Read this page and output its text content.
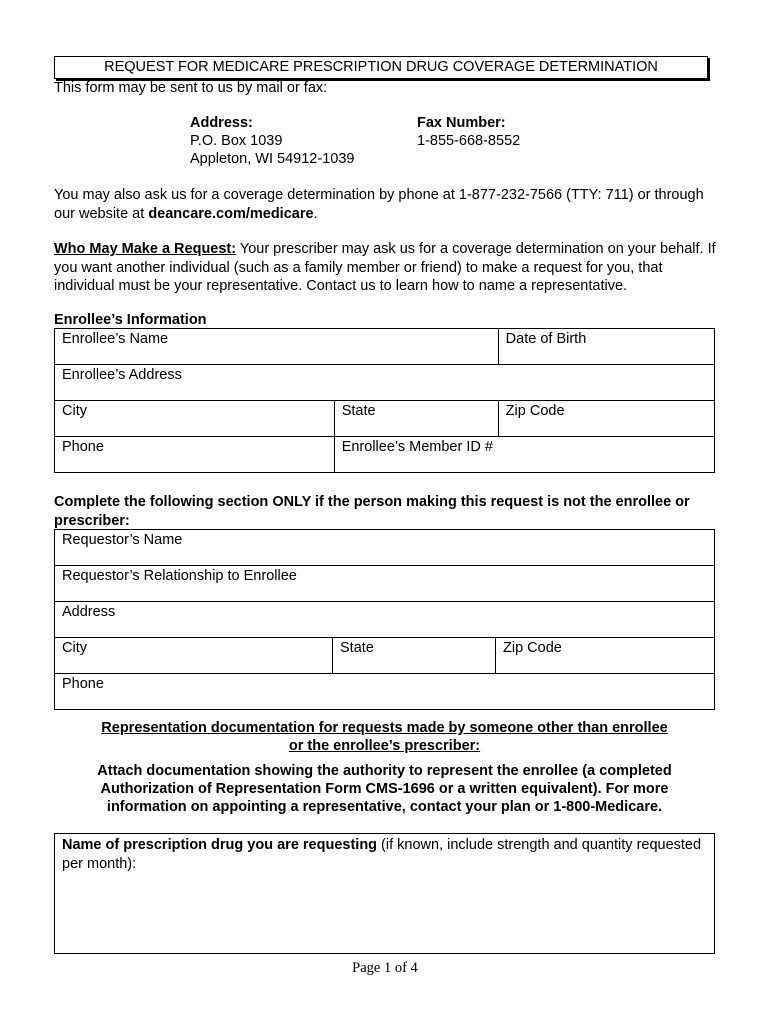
REQUEST FOR MEDICARE PRESCRIPTION DRUG COVERAGE DETERMINATION
This form may be sent to us by mail or fax:
Address:
P.O. Box 1039
Appleton, WI 54912-1039
Fax Number:
1-855-668-8552
You may also ask us for a coverage determination by phone at 1-877-232-7566 (TTY: 711) or through our website at deancare.com/medicare.
Who May Make a Request: Your prescriber may ask us for a coverage determination on your behalf. If you want another individual (such as a family member or friend) to make a request for you, that individual must be your representative. Contact us to learn how to name a representative.
Enrollee’s Information
Enrollee’s Name		Date of Birth
Enrollee’s Address		
City	State	Zip Code
Phone	Enrollee’s Member ID #	
Complete the following section ONLY if the person making this request is not the enrollee or prescriber:
Requestor’s Name
Requestor’s Relationship to Enrollee
Address
City	State	Zip Code
Phone
Representation documentation for requests made by someone other than enrollee or the enrollee’s prescriber:
Attach documentation showing the authority to represent the enrollee (a completed Authorization of Representation Form CMS-1696 or a written equivalent). For more information on appointing a representative, contact your plan or 1-800-Medicare.
Name of prescription drug you are requesting (if known, include strength and quantity requested per month):
Page 1 of 4
